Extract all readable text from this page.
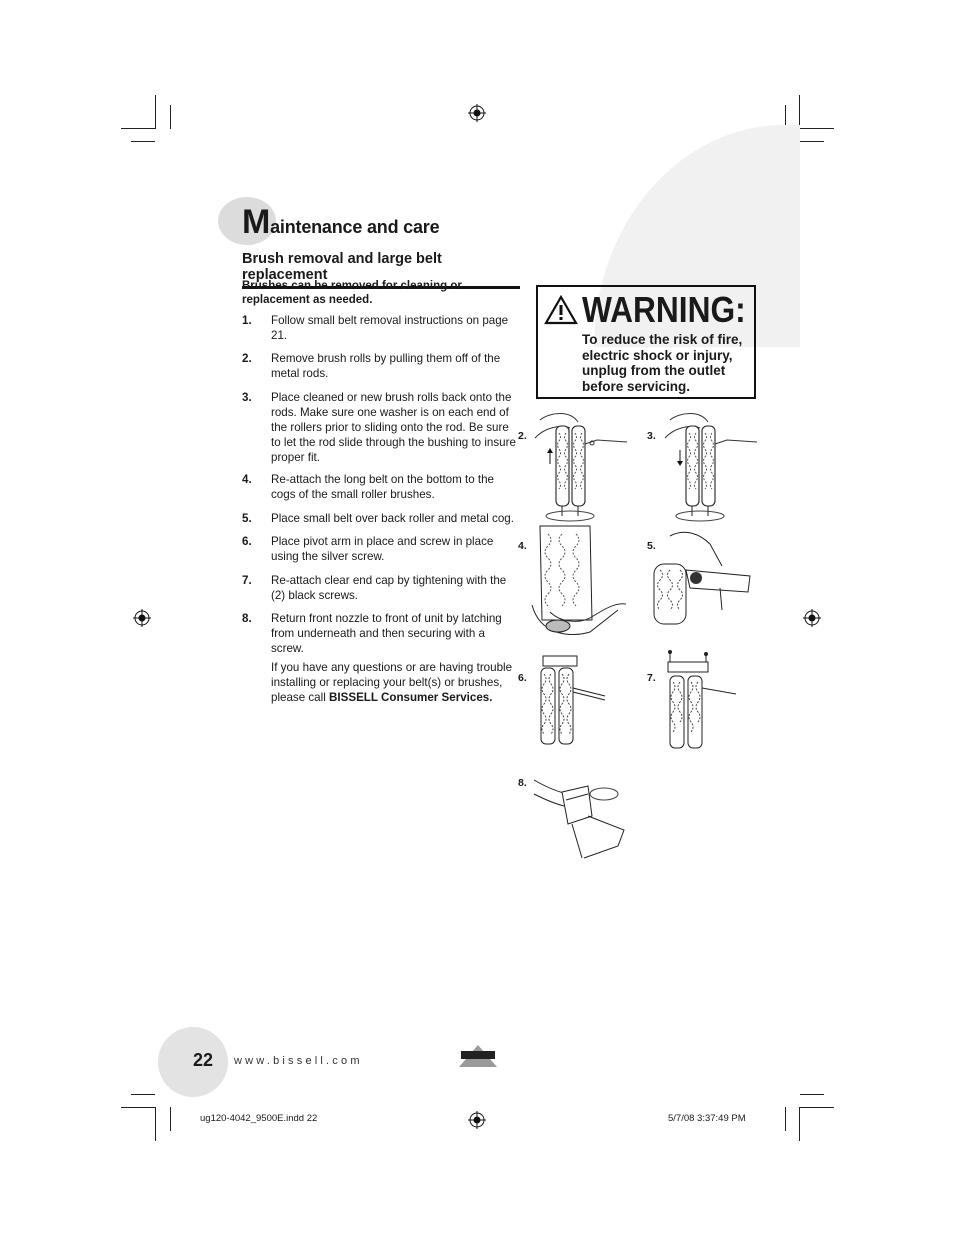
Maintenance and care
Brush removal and large belt replacement
Brushes can be removed for cleaning or replacement as needed.
1. Follow small belt removal instructions on page 21.
2. Remove brush rolls by pulling them off of the metal rods.
3. Place cleaned or new brush rolls back onto the rods. Make sure one washer is on each end of the rollers prior to sliding onto the rod. Be sure to let the rod slide through the bushing to insure proper fit.
4. Re-attach the long belt on the bottom to the cogs of the small roller brushes.
5. Place small belt over back roller and metal cog.
6. Place pivot arm in place and screw in place using the silver screw.
7. Re-attach clear end cap by tightening with the (2) black screws.
8. Return front nozzle to front of unit by latching from underneath and then securing with a screw.
If you have any questions or are having trouble installing or replacing your belt(s) or brushes, please call BISSELL Consumer Services.
WARNING:
To reduce the risk of fire, electric shock or injury, unplug from the outlet before servicing.
2.	3.
4.	5.
6.	7.
8.
22 www.bissell.com
ug120-4042_9500E.indd 22	5/7/08 3:37:49 PM
